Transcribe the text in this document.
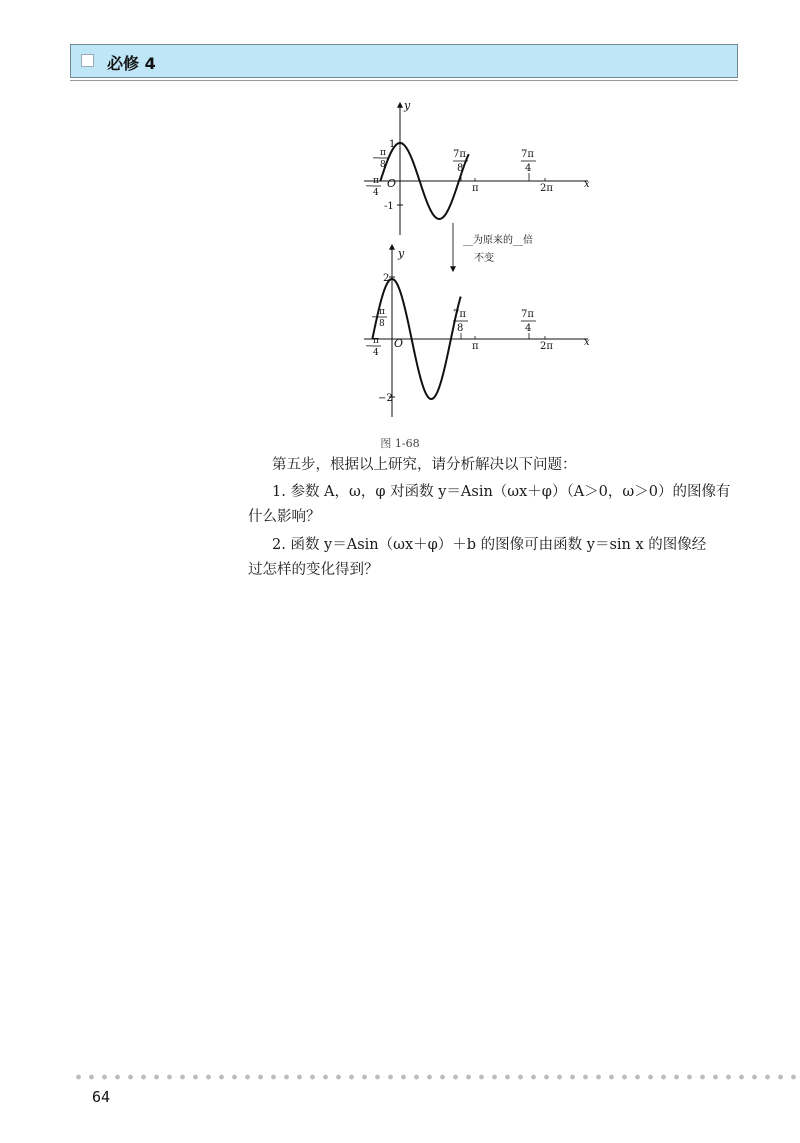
必修 4
y
x
O
1
-1
− π
8
− π
4
7π
8
7π
4
π	2π
__为原来的__倍
不变
y
x
O
2
−2
− π
8
− π
4
7π
8
7π
4
π	2π
图 1-68
第五步，根据以上研究，请分析解决以下问题：
1. 参数 A，ω，φ 对函数 y＝Asin（ωx＋φ）（A＞0，ω＞0）的图像有
什么影响？
2. 函数 y＝Asin（ωx＋φ）＋b 的图像可由函数 y＝sin x 的图像经
过怎样的变化得到？
64
